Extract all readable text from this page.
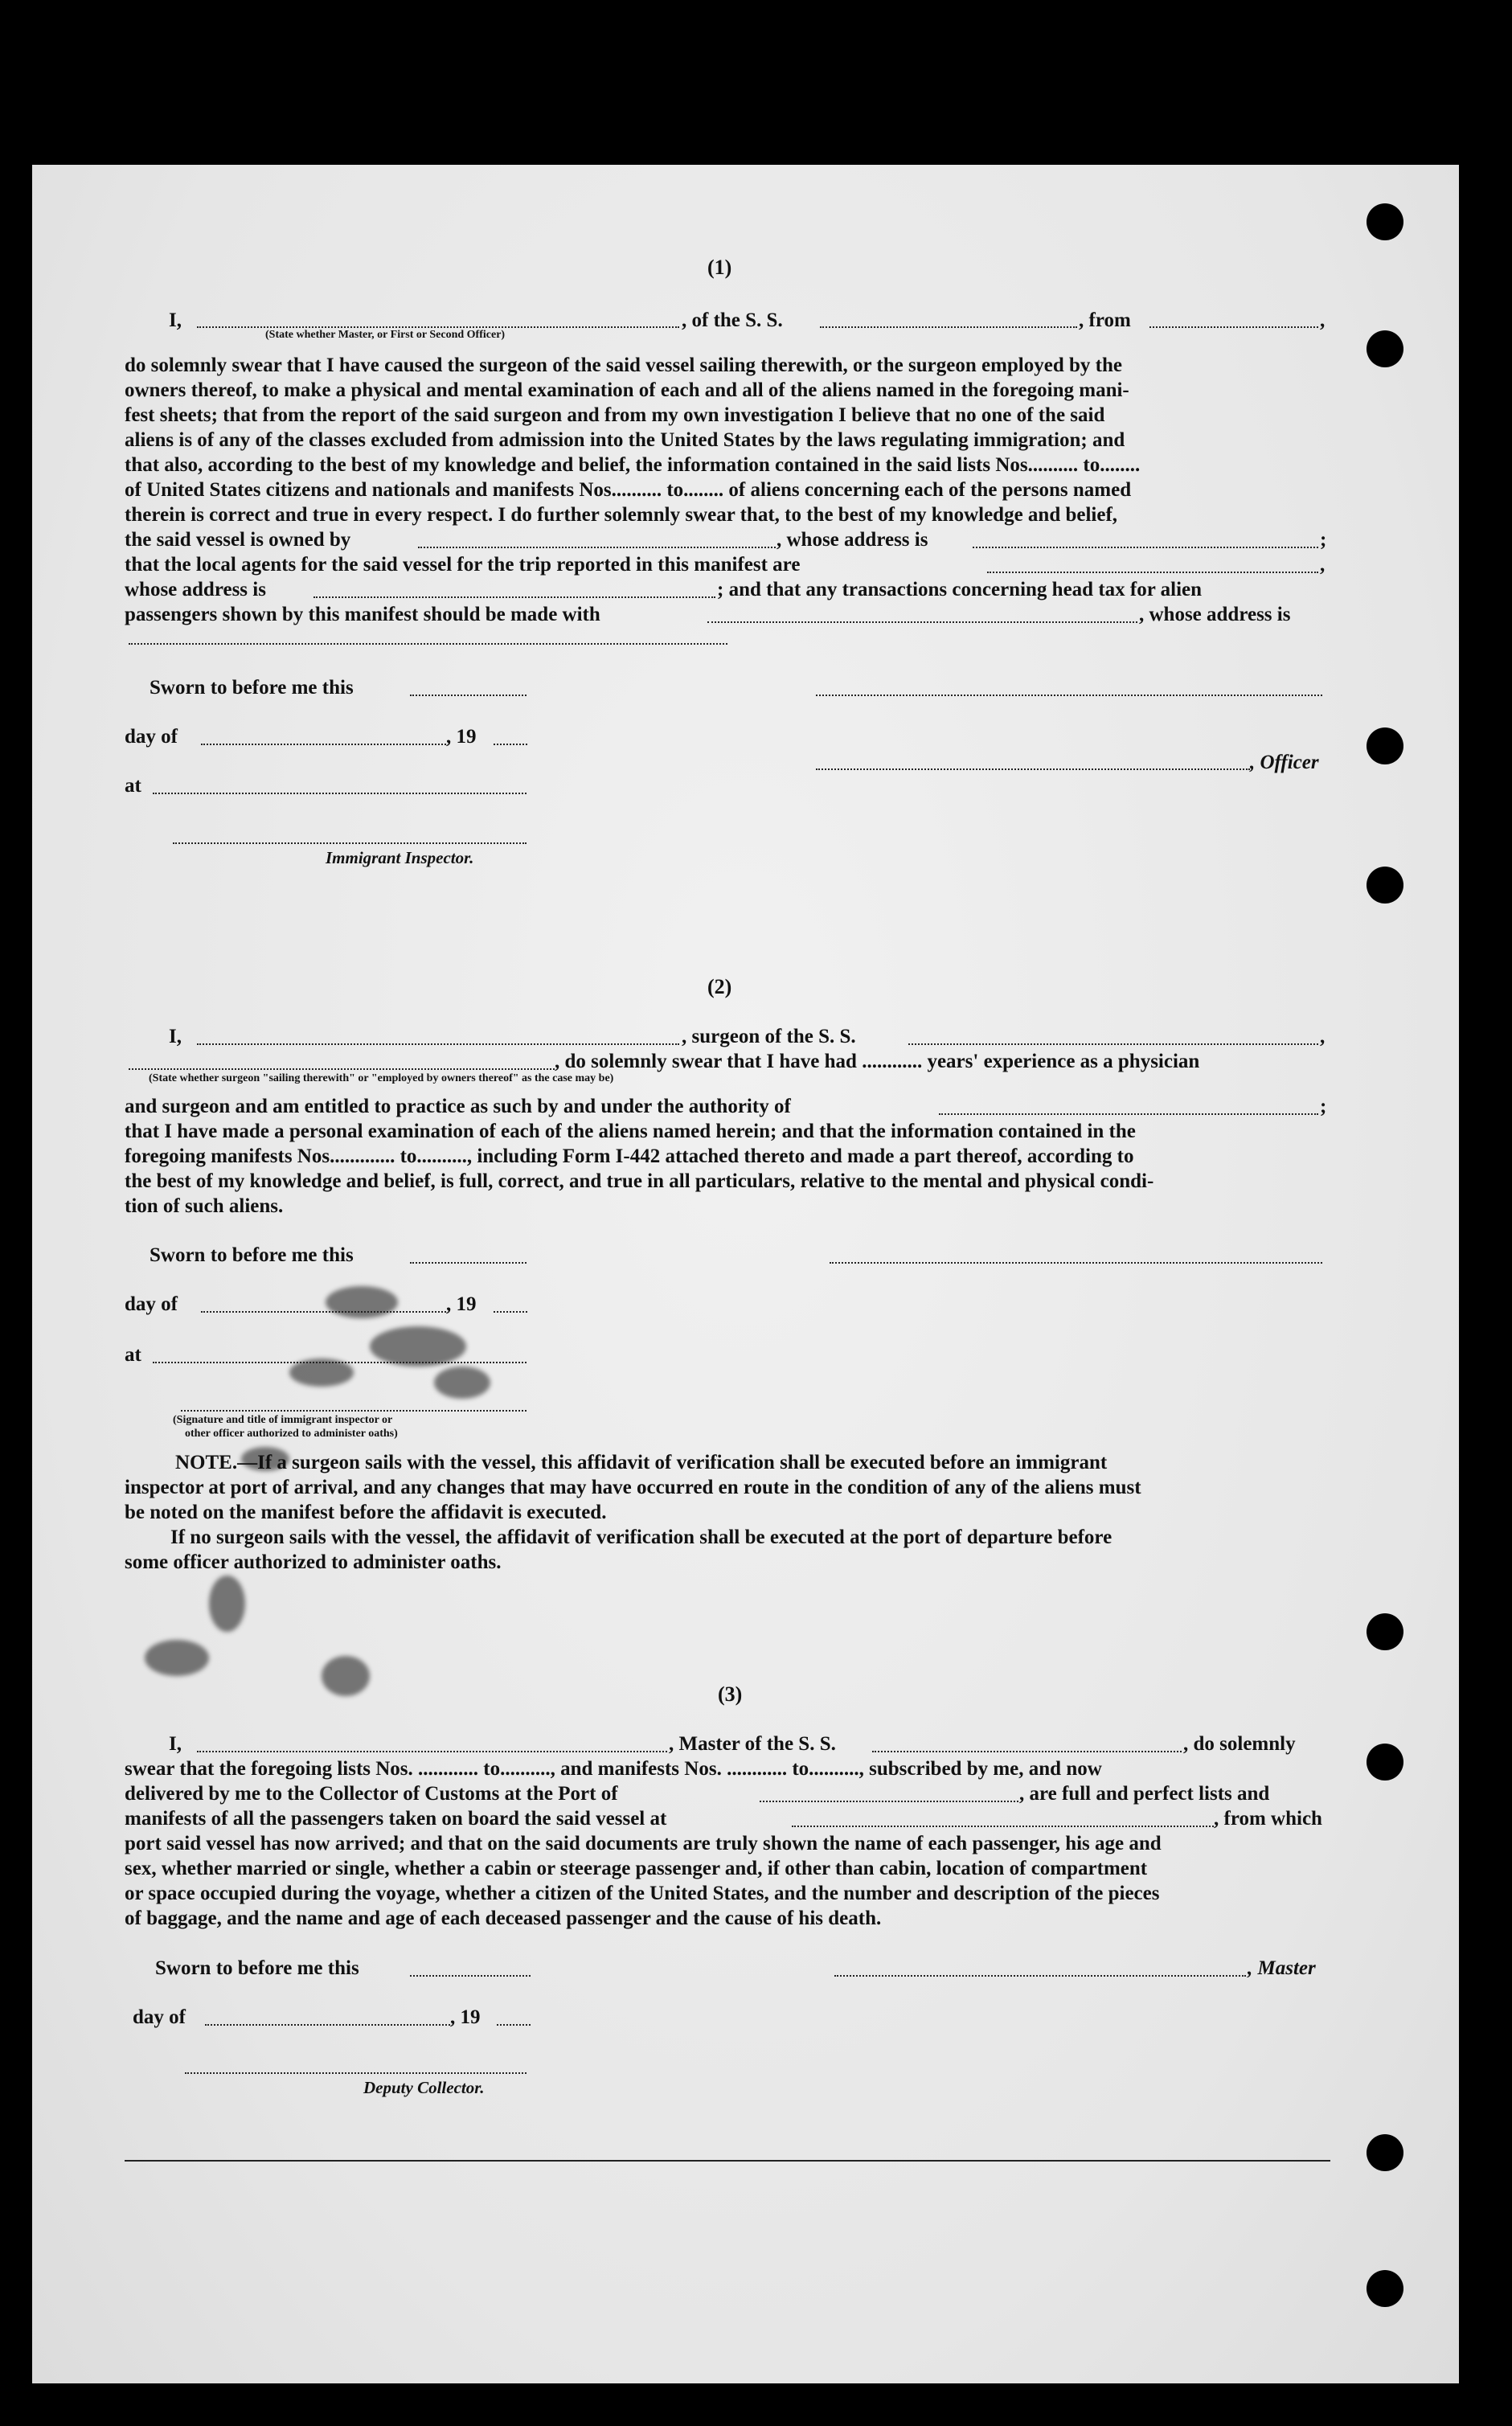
(1)
I,	, of the S. S.	, from	,
(State whether Master, or First or Second Officer)
do solemnly swear that I have caused the surgeon of the said vessel sailing therewith, or the surgeon employed by the
owners thereof, to make a physical and mental examination of each and all of the aliens named in the foregoing mani-
fest sheets; that from the report of the said surgeon and from my own investigation I believe that no one of the said
aliens is of any of the classes excluded from admission into the United States by the laws regulating immigration; and
that also, according to the best of my knowledge and belief, the information contained in the said lists Nos.......... to........
of United States citizens and nationals and manifests Nos.......... to........ of aliens concerning each of the persons named
therein is correct and true in every respect. I do further solemnly swear that, to the best of my knowledge and belief,
the said vessel is owned by	, whose address is	;
that the local agents for the said vessel for the trip reported in this manifest are	,
whose address is	; and that any transactions concerning head tax for alien
passengers shown by this manifest should be made with	, whose address is
Sworn to before me this
day of	, 19
, Officer
at
Immigrant Inspector.
(2)
I,	, surgeon of the S. S.	,
, do solemnly swear that I have had ............ years' experience as a physician
(State whether surgeon "sailing therewith" or "employed by owners thereof" as the case may be)
and surgeon and am entitled to practice as such by and under the authority of	;
that I have made a personal examination of each of the aliens named herein; and that the information contained in the
foregoing manifests Nos............. to.........., including Form I-442 attached thereto and made a part thereof, according to
the best of my knowledge and belief, is full, correct, and true in all particulars, relative to the mental and physical condi-
tion of such aliens.
Sworn to before me this
day of	, 19
at
(Signature and title of immigrant inspector or
other officer authorized to administer oaths)
NOTE.—If a surgeon sails with the vessel, this affidavit of verification shall be executed before an immigrant
inspector at port of arrival, and any changes that may have occurred en route in the condition of any of the aliens must
be noted on the manifest before the affidavit is executed.
If no surgeon sails with the vessel, the affidavit of verification shall be executed at the port of departure before
some officer authorized to administer oaths.
(3)
I,	, Master of the S. S.	, do solemnly
swear that the foregoing lists Nos. ............ to.........., and manifests Nos. ............ to.........., subscribed by me, and now
delivered by me to the Collector of Customs at the Port of	, are full and perfect lists and
manifests of all the passengers taken on board the said vessel at	, from which
port said vessel has now arrived; and that on the said documents are truly shown the name of each passenger, his age and
sex, whether married or single, whether a cabin or steerage passenger and, if other than cabin, location of compartment
or space occupied during the voyage, whether a citizen of the United States, and the number and description of the pieces
of baggage, and the name and age of each deceased passenger and the cause of his death.
Sworn to before me this	, Master
day of	, 19
Deputy Collector.
